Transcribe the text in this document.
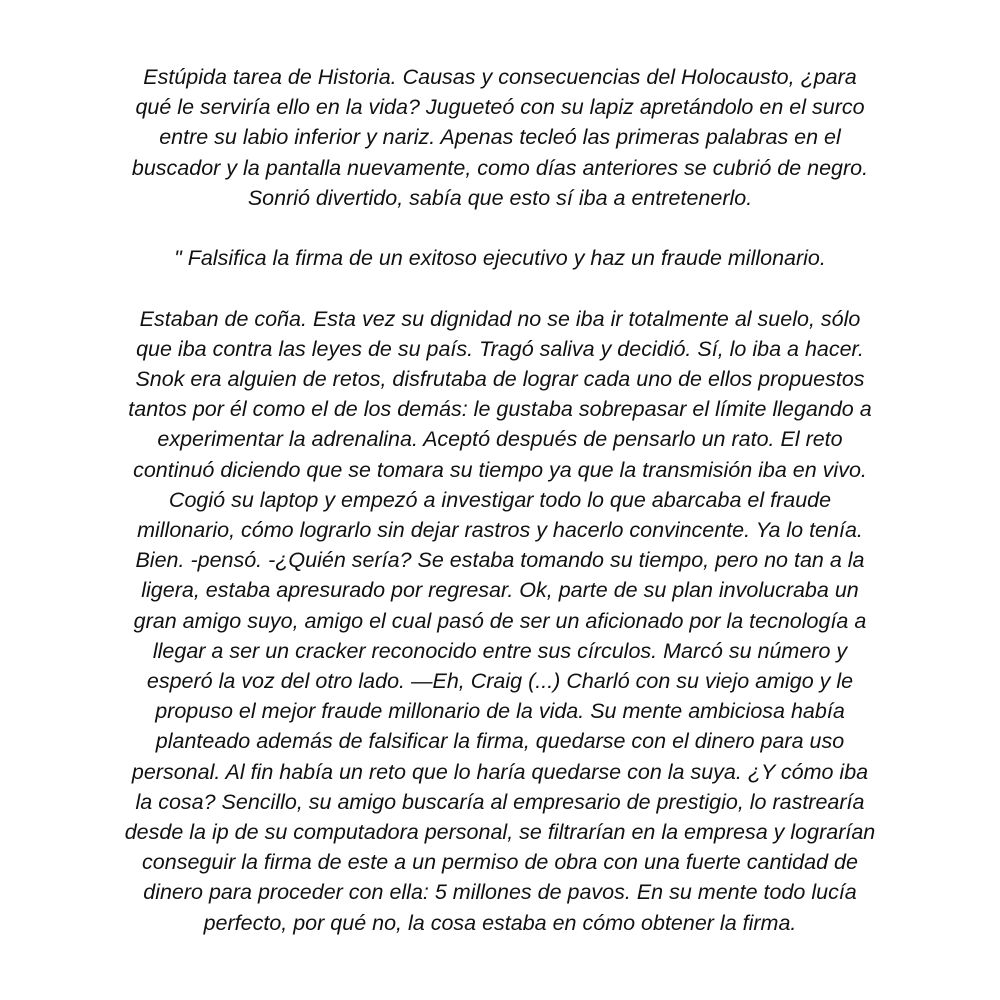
Estúpida tarea de Historia. Causas y consecuencias del Holocausto, ¿para
qué le serviría ello en la vida? Jugueteó con su lapiz apretándolo en el surco
entre su labio inferior y nariz. Apenas tecleó las primeras palabras en el
buscador y la pantalla nuevamente, como días anteriores se cubrió de negro.
Sonrió divertido, sabía que esto sí iba a entretenerlo.

" Falsifica la firma de un exitoso ejecutivo y haz un fraude millonario.

Estaban de coña. Esta vez su dignidad no se iba ir totalmente al suelo, sólo
que iba contra las leyes de su país. Tragó saliva y decidió. Sí, lo iba a hacer.
Snok era alguien de retos, disfrutaba de lograr cada uno de ellos propuestos
tantos por él como el de los demás: le gustaba sobrepasar el límite llegando a
experimentar la adrenalina. Aceptó después de pensarlo un rato. El reto
continuó diciendo que se tomara su tiempo ya que la transmisión iba en vivo.
Cogió su laptop y empezó a investigar todo lo que abarcaba el fraude
millonario, cómo lograrlo sin dejar rastros y hacerlo convincente. Ya lo tenía.
Bien. -pensó. -¿Quién sería? Se estaba tomando su tiempo, pero no tan a la
ligera, estaba apresurado por regresar. Ok, parte de su plan involucraba un
gran amigo suyo, amigo el cual pasó de ser un aficionado por la tecnología a
llegar a ser un cracker reconocido entre sus círculos. Marcó su número y
esperó la voz del otro lado. —Eh, Craig (...) Charló con su viejo amigo y le
propuso el mejor fraude millonario de la vida. Su mente ambiciosa había
planteado además de falsificar la firma, quedarse con el dinero para uso
personal. Al fin había un reto que lo haría quedarse con la suya. ¿Y cómo iba
la cosa? Sencillo, su amigo buscaría al empresario de prestigio, lo rastrearía
desde la ip de su computadora personal, se filtrarían en la empresa y lograrían
conseguir la firma de este a un permiso de obra con una fuerte cantidad de
dinero para proceder con ella: 5 millones de pavos. En su mente todo lucía
perfecto, por qué no, la cosa estaba en cómo obtener la firma.
